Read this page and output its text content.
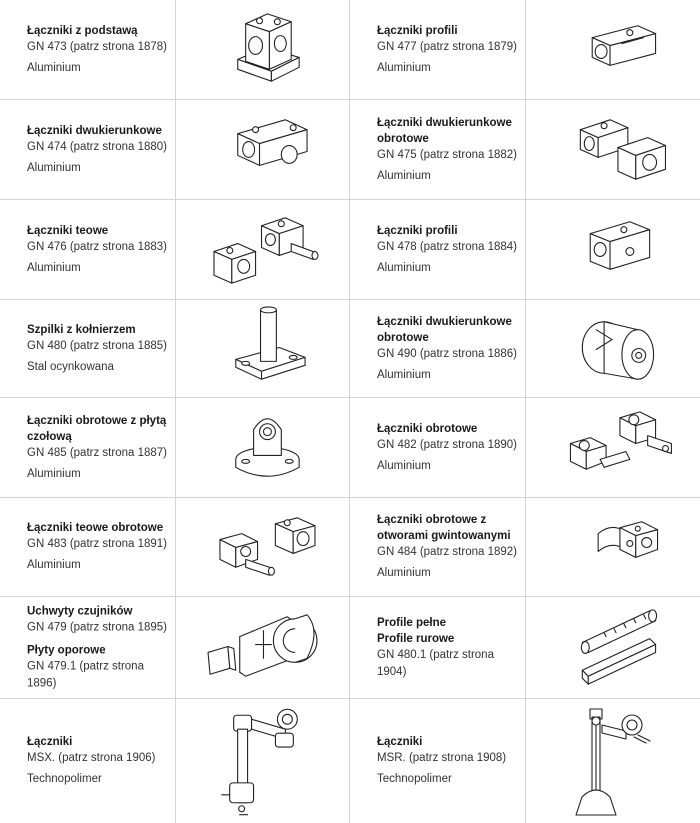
Łączniki z podstawą
GN 473 (patrz strona 1878)
Aluminium
Łączniki profili
GN 477 (patrz strona 1879)
Aluminium
Łączniki dwukierunkowe
GN 474 (patrz strona 1880)
Aluminium
Łączniki dwukierunkowe obrotowe
GN 475 (patrz strona 1882)
Aluminium
Łączniki teowe
GN 476 (patrz strona 1883)
Aluminium
Łączniki profili
GN 478 (patrz strona 1884)
Aluminium
Szpilki z kołnierzem
GN 480 (patrz strona 1885)
Stal ocynkowana
Łączniki dwukierunkowe obrotowe
GN 490 (patrz strona 1886)
Aluminium
Łączniki obrotowe z płytą czołową
GN 485 (patrz strona 1887)
Aluminium
Łączniki obrotowe
GN 482 (patrz strona 1890)
Aluminium
Łączniki teowe obrotowe
GN 483 (patrz strona 1891)
Aluminium
Łączniki obrotowe z otworami gwintowanymi
GN 484 (patrz strona 1892)
Aluminium
Uchwyty czujników
GN 479 (patrz strona 1895)
Płyty oporowe
GN 479.1 (patrz strona 1896)
Profile pełne
Profile rurowe
GN 480.1 (patrz strona 1904)
Łączniki
MSX. (patrz strona 1906)
Technopolimer
Łączniki
MSR. (patrz strona 1908)
Technopolimer
